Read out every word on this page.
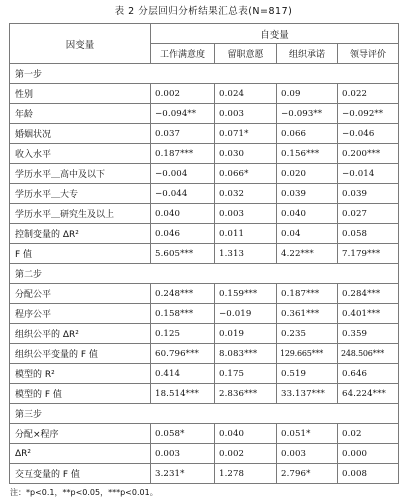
表 2 分层回归分析结果汇总表(N=817)
因变量	自变量			
	工作满意度	留职意愿	组织承诺	领导评价
第一步				
性别	0.002	0.024	0.09	0.022
年龄	−0.094**	0.003	−0.093**	−0.092**
婚姻状况	0.037	0.071*	0.066	−0.046
收入水平	0.187***	0.030	0.156***	0.200***
学历水平＿高中及以下	−0.004	0.066*	0.020	−0.014
学历水平＿大专	−0.044	0.032	0.039	0.039
学历水平＿研究生及以上	0.040	0.003	0.040	0.027
控制变量的 ΔR²	0.046	0.011	0.04	0.058
F 值	5.605***	1.313	4.22***	7.179***
第二步				
分配公平	0.248***	0.159***	0.187***	0.284***
程序公平	0.158***	−0.019	0.361***	0.401***
组织公平的 ΔR²	0.125	0.019	0.235	0.359
组织公平变量的 F 值	60.796***	8.083***	129.665***	248.506***
模型的 R²	0.414	0.175	0.519	0.646
模型的 F 值	18.514***	2.836***	33.137***	64.224***
第三步				
分配×程序	0.058*	0.040	0.051*	0.02
ΔR²	0.003	0.002	0.003	0.000
交互变量的 F 值	3.231*	1.278	2.796*	0.008
注：*p<0.1，**p<0.05，***p<0.01。
